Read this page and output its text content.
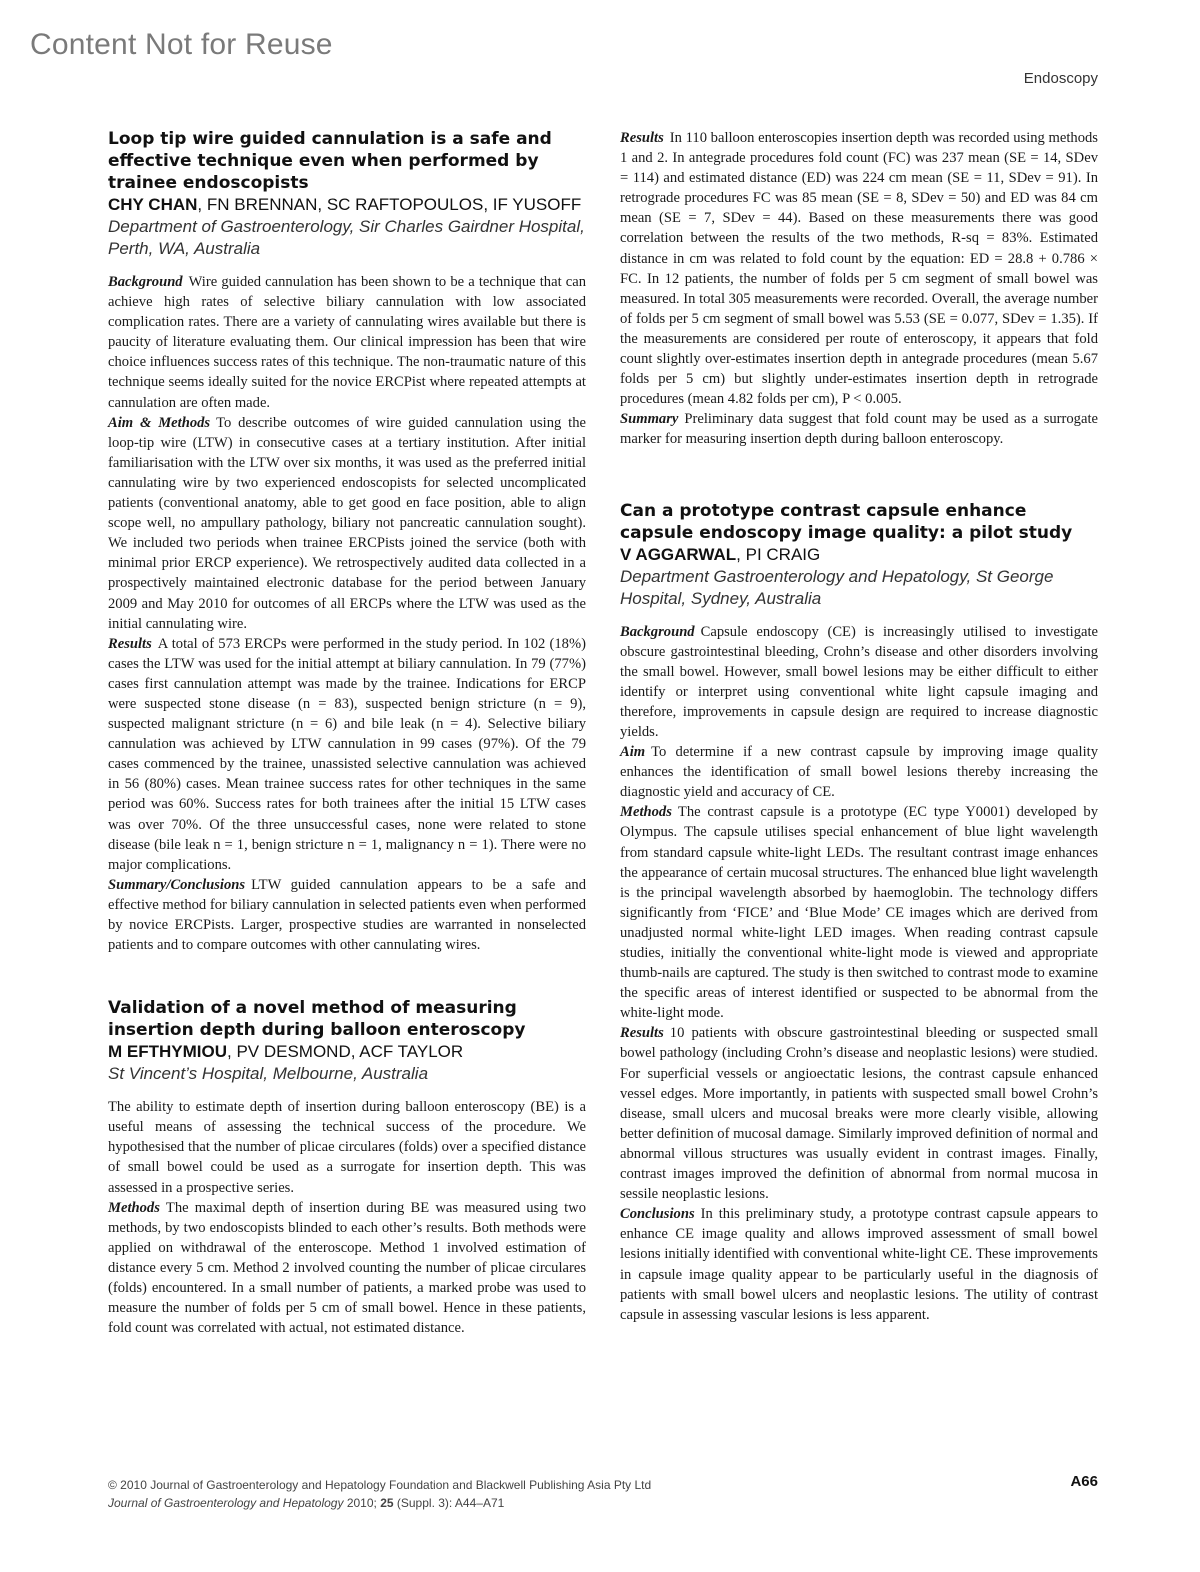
Content Not for Reuse
Endoscopy

Loop tip wire guided cannulation is a safe and effective technique even when performed by trainee endoscopists

CHY CHAN, FN BRENNAN, SC RAFTOPOULOS, IF YUSOFF

Department of Gastroenterology, Sir Charles Gairdner Hospital, Perth, WA, Australia

Background Wire guided cannulation has been shown to be a technique that can achieve high rates of selective biliary cannulation with low associated complication rates. There are a variety of cannulating wires available but there is paucity of literature evaluating them. Our clinical impression has been that wire choice influences success rates of this technique. The non-traumatic nature of this technique seems ideally suited for the novice ERCPist where repeated attempts at cannulation are often made.

Aim & Methods To describe outcomes of wire guided cannulation using the loop-tip wire (LTW) in consecutive cases at a tertiary institution. After initial familiarisation with the LTW over six months, it was used as the preferred initial cannulating wire by two experienced endoscopists for selected uncomplicated patients (conventional anatomy, able to get good en face position, able to align scope well, no ampullary pathology, biliary not pancreatic cannulation sought). We included two periods when trainee ERCPists joined the service (both with minimal prior ERCP experience). We retrospectively audited data collected in a prospectively maintained electronic database for the period between January 2009 and May 2010 for outcomes of all ERCPs where the LTW was used as the initial cannulating wire.

Results A total of 573 ERCPs were performed in the study period. In 102 (18%) cases the LTW was used for the initial attempt at biliary cannulation. In 79 (77%) cases first cannulation attempt was made by the trainee. Indications for ERCP were suspected stone disease (n = 83), suspected benign stricture (n = 9), suspected malignant stricture (n = 6) and bile leak (n = 4). Selective biliary cannulation was achieved by LTW cannulation in 99 cases (97%). Of the 79 cases commenced by the trainee, unassisted selective cannulation was achieved in 56 (80%) cases. Mean trainee success rates for other techniques in the same period was 60%. Success rates for both trainees after the initial 15 LTW cases was over 70%. Of the three unsuccessful cases, none were related to stone disease (bile leak n = 1, benign stricture n = 1, malignancy n = 1). There were no major complications.

Summary/Conclusions LTW guided cannulation appears to be a safe and effective method for biliary cannulation in selected patients even when performed by novice ERCPists. Larger, prospective studies are warranted in nonselected patients and to compare outcomes with other cannulating wires.

Validation of a novel method of measuring insertion depth during balloon enteroscopy

M EFTHYMIOU, PV DESMOND, ACF TAYLOR

St Vincent’s Hospital, Melbourne, Australia

The ability to estimate depth of insertion during balloon enteroscopy (BE) is a useful means of assessing the technical success of the procedure. We hypothesised that the number of plicae circulares (folds) over a specified distance of small bowel could be used as a surrogate for insertion depth. This was assessed in a prospective series.

Methods The maximal depth of insertion during BE was measured using two methods, by two endoscopists blinded to each other’s results. Both methods were applied on withdrawal of the enteroscope. Method 1 involved estimation of distance every 5 cm. Method 2 involved counting the number of plicae circulares (folds) encountered. In a small number of patients, a marked probe was used to measure the number of folds per 5 cm of small bowel. Hence in these patients, fold count was correlated with actual, not estimated distance.

Results In 110 balloon enteroscopies insertion depth was recorded using methods 1 and 2. In antegrade procedures fold count (FC) was 237 mean (SE = 14, SDev = 114) and estimated distance (ED) was 224 cm mean (SE = 11, SDev = 91). In retrograde procedures FC was 85 mean (SE = 8, SDev = 50) and ED was 84 cm mean (SE = 7, SDev = 44). Based on these measurements there was good correlation between the results of the two methods, R-sq = 83%. Estimated distance in cm was related to fold count by the equation: ED = 28.8 + 0.786 × FC. In 12 patients, the number of folds per 5 cm segment of small bowel was measured. In total 305 measurements were recorded. Overall, the average number of folds per 5 cm segment of small bowel was 5.53 (SE = 0.077, SDev = 1.35). If the measurements are considered per route of enteroscopy, it appears that fold count slightly over-estimates insertion depth in antegrade procedures (mean 5.67 folds per 5 cm) but slightly under-estimates insertion depth in retrograde procedures (mean 4.82 folds per cm), P < 0.005.

Summary Preliminary data suggest that fold count may be used as a surrogate marker for measuring insertion depth during balloon enteroscopy.

Can a prototype contrast capsule enhance capsule endoscopy image quality: a pilot study

V AGGARWAL, PI CRAIG

Department Gastroenterology and Hepatology, St George Hospital, Sydney, Australia

Background Capsule endoscopy (CE) is increasingly utilised to investigate obscure gastrointestinal bleeding, Crohn’s disease and other disorders involving the small bowel. However, small bowel lesions may be either difficult to either identify or interpret using conventional white light capsule imaging and therefore, improvements in capsule design are required to increase diagnostic yields.

Aim To determine if a new contrast capsule by improving image quality enhances the identification of small bowel lesions thereby increasing the diagnostic yield and accuracy of CE.

Methods The contrast capsule is a prototype (EC type Y0001) developed by Olympus. The capsule utilises special enhancement of blue light wavelength from standard capsule white-light LEDs. The resultant contrast image enhances the appearance of certain mucosal structures. The enhanced blue light wavelength is the principal wavelength absorbed by haemoglobin. The technology differs significantly from ‘FICE’ and ‘Blue Mode’ CE images which are derived from unadjusted normal white-light LED images. When reading contrast capsule studies, initially the conventional white-light mode is viewed and appropriate thumb-nails are captured. The study is then switched to contrast mode to examine the specific areas of interest identified or suspected to be abnormal from the white-light mode.

Results 10 patients with obscure gastrointestinal bleeding or suspected small bowel pathology (including Crohn’s disease and neoplastic lesions) were studied. For superficial vessels or angioectatic lesions, the contrast capsule enhanced vessel edges. More importantly, in patients with suspected small bowel Crohn’s disease, small ulcers and mucosal breaks were more clearly visible, allowing better definition of mucosal damage. Similarly improved definition of normal and abnormal villous structures was usually evident in contrast images. Finally, contrast images improved the definition of abnormal from normal mucosa in sessile neoplastic lesions.

Conclusions In this preliminary study, a prototype contrast capsule appears to enhance CE image quality and allows improved assessment of small bowel lesions initially identified with conventional white-light CE. These improvements in capsule image quality appear to be particularly useful in the diagnosis of patients with small bowel ulcers and neoplastic lesions. The utility of contrast capsule in assessing vascular lesions is less apparent.

© 2010 Journal of Gastroenterology and Hepatology Foundation and Blackwell Publishing Asia Pty Ltd
Journal of Gastroenterology and Hepatology 2010; 25 (Suppl. 3): A44–A71
A66
